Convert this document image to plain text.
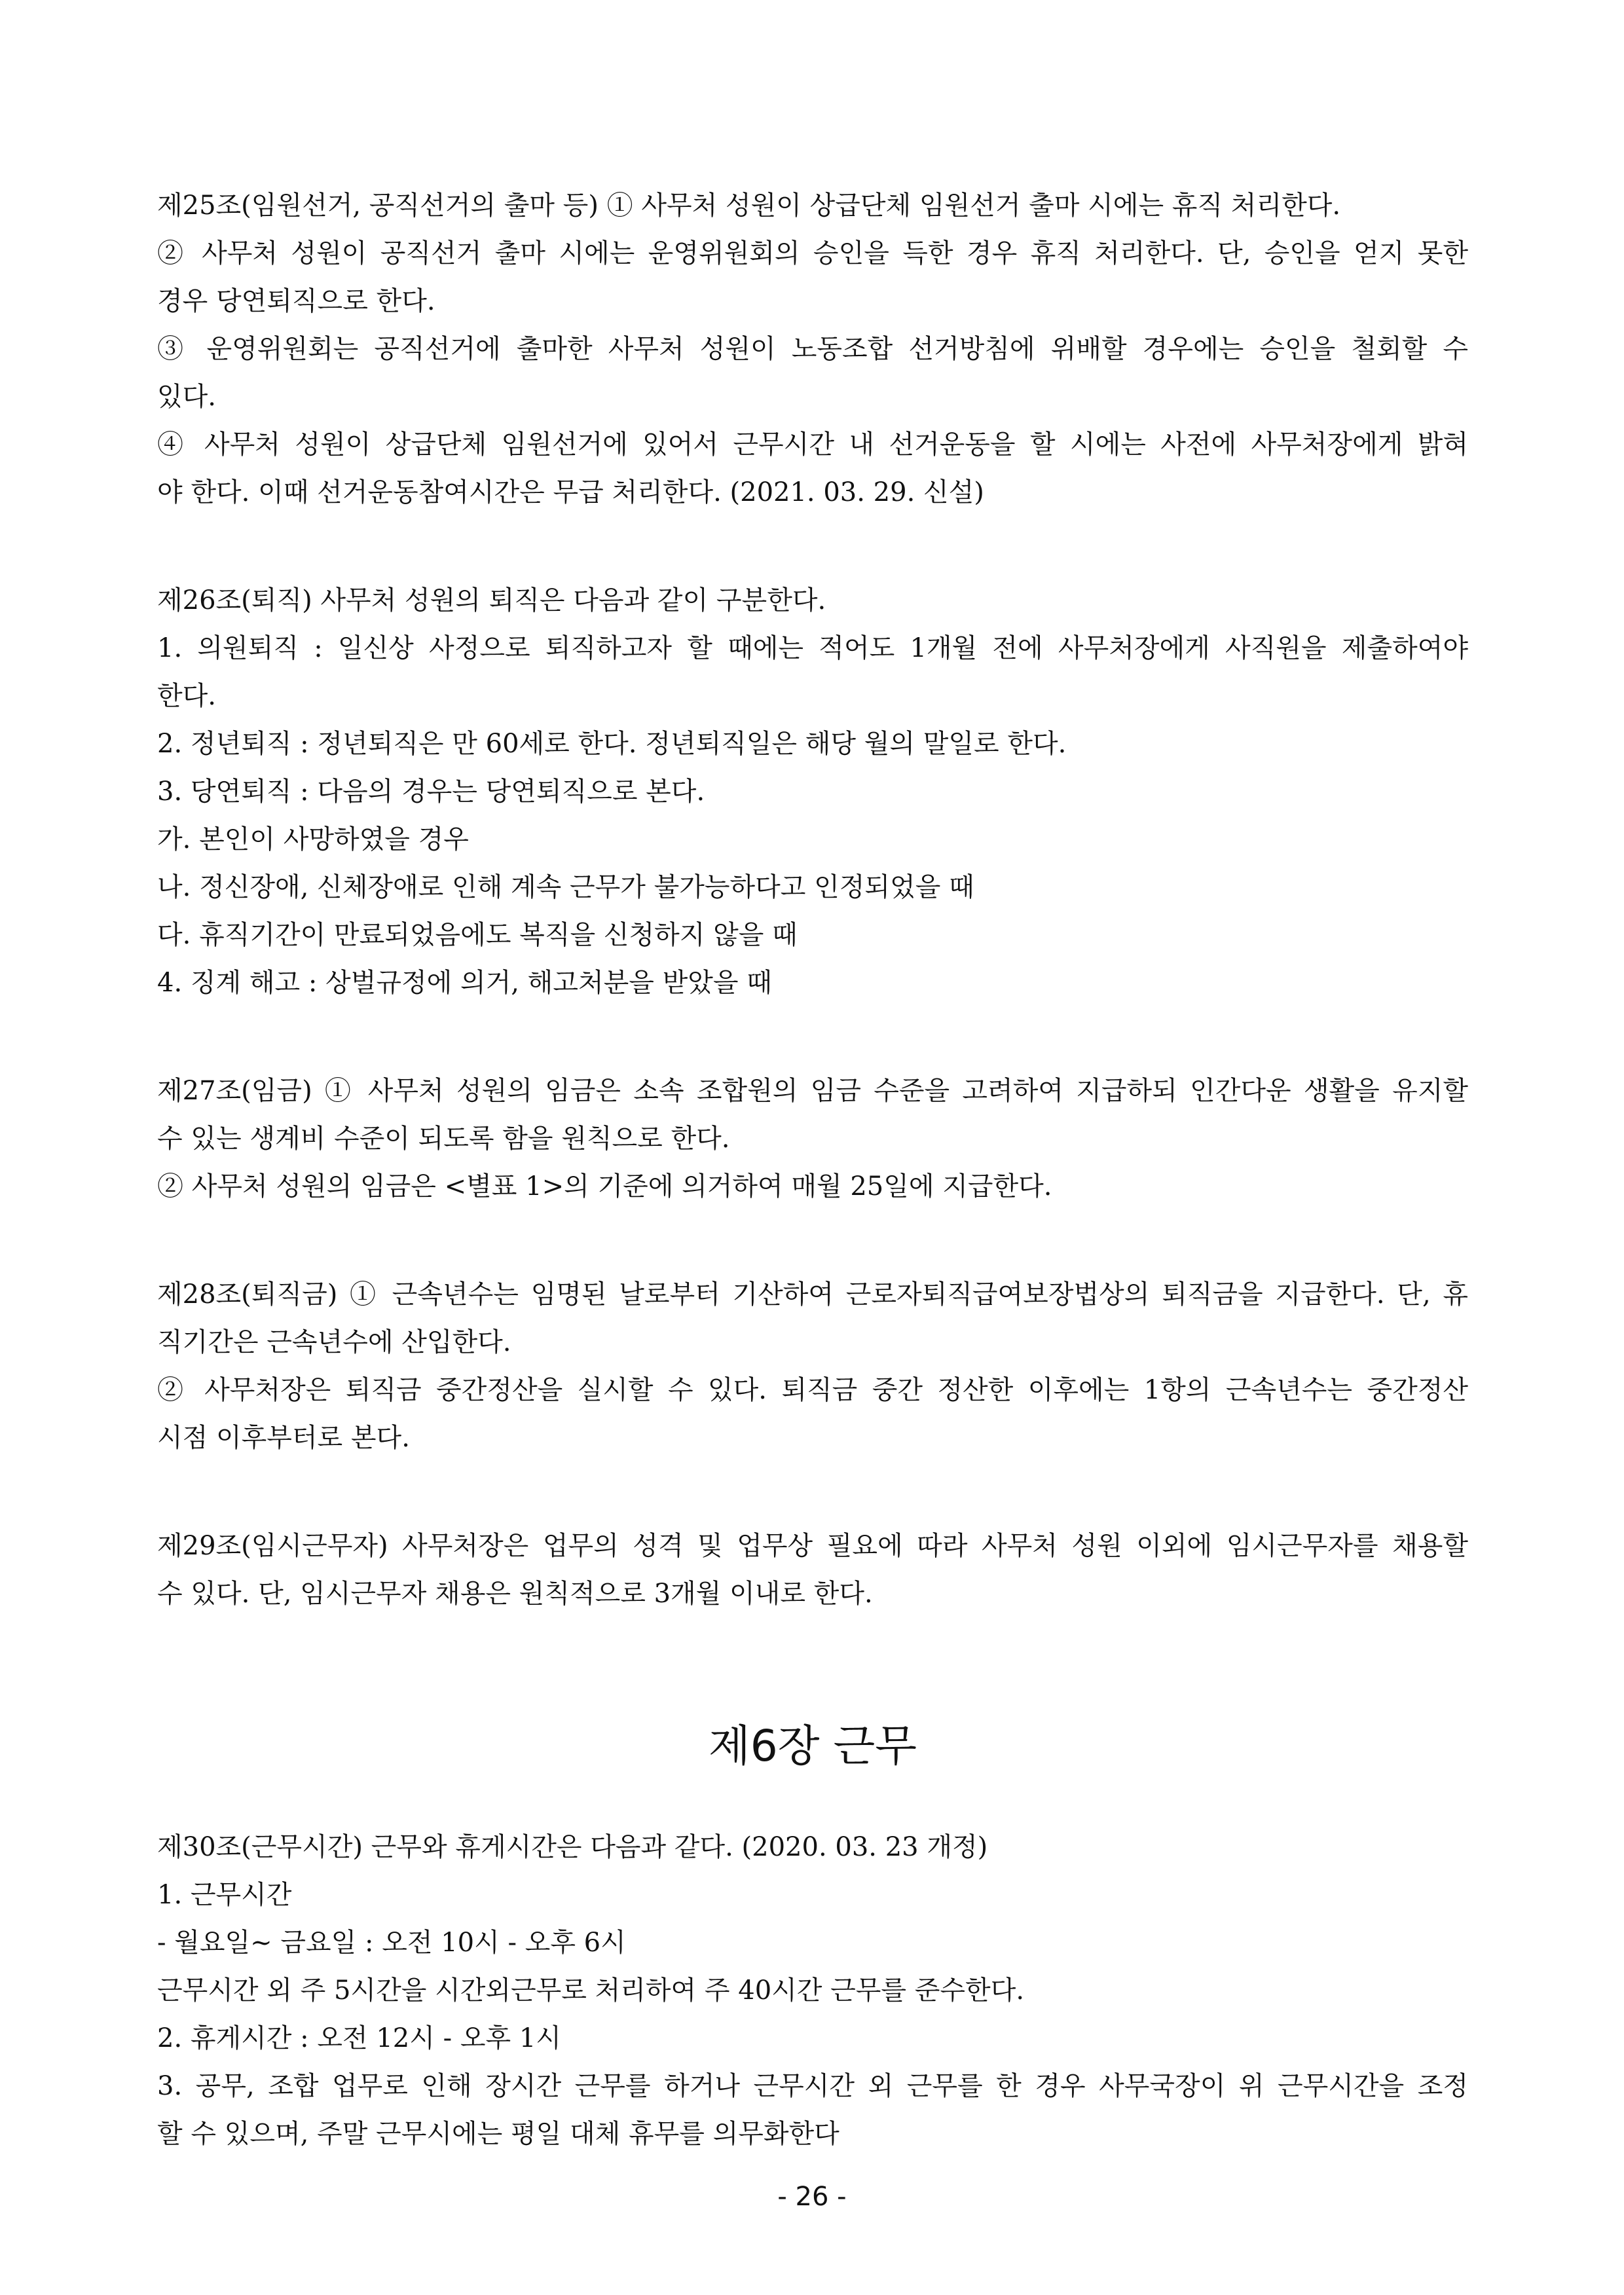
제25조(임원선거, 공직선거의 출마 등) ① 사무처 성원이 상급단체 임원선거 출마 시에는 휴직 처리한다.

② 사무처 성원이 공직선거 출마 시에는 운영위원회의 승인을 득한 경우 휴직 처리한다. 단, 승인을 얻지 못한

경우 당연퇴직으로 한다.

③ 운영위원회는 공직선거에 출마한 사무처 성원이 노동조합 선거방침에 위배할 경우에는 승인을 철회할 수

있다.

④ 사무처 성원이 상급단체 임원선거에 있어서 근무시간 내 선거운동을 할 시에는 사전에 사무처장에게 밝혀

야 한다. 이때 선거운동참여시간은 무급 처리한다. (2021. 03. 29. 신설)

제26조(퇴직) 사무처 성원의 퇴직은 다음과 같이 구분한다.

1. 의원퇴직 : 일신상 사정으로 퇴직하고자 할 때에는 적어도 1개월 전에 사무처장에게 사직원을 제출하여야

한다.

2. 정년퇴직 : 정년퇴직은 만 60세로 한다. 정년퇴직일은 해당 월의 말일로 한다.

3. 당연퇴직 : 다음의 경우는 당연퇴직으로 본다.

가. 본인이 사망하였을 경우

나. 정신장애, 신체장애로 인해 계속 근무가 불가능하다고 인정되었을 때

다. 휴직기간이 만료되었음에도 복직을 신청하지 않을 때

4. 징계 해고 : 상벌규정에 의거, 해고처분을 받았을 때

제27조(임금) ① 사무처 성원의 임금은 소속 조합원의 임금 수준을 고려하여 지급하되 인간다운 생활을 유지할

수 있는 생계비 수준이 되도록 함을 원칙으로 한다.

② 사무처 성원의 임금은 <별표 1>의 기준에 의거하여 매월 25일에 지급한다.

제28조(퇴직금) ① 근속년수는 임명된 날로부터 기산하여 근로자퇴직급여보장법상의 퇴직금을 지급한다. 단, 휴

직기간은 근속년수에 산입한다.

② 사무처장은 퇴직금 중간정산을 실시할 수 있다. 퇴직금 중간 정산한 이후에는 1항의 근속년수는 중간정산

시점 이후부터로 본다.

제29조(임시근무자) 사무처장은 업무의 성격 및 업무상 필요에 따라 사무처 성원 이외에 임시근무자를 채용할

수 있다. 단, 임시근무자 채용은 원칙적으로 3개월 이내로 한다.

제6장 근무

제30조(근무시간) 근무와 휴게시간은 다음과 같다. (2020. 03. 23 개정)

1. 근무시간

- 월요일~ 금요일 : 오전 10시 - 오후 6시

근무시간 외 주 5시간을 시간외근무로 처리하여 주 40시간 근무를 준수한다.

2. 휴게시간 : 오전 12시 - 오후 1시

3. 공무, 조합 업무로 인해 장시간 근무를 하거나 근무시간 외 근무를 한 경우 사무국장이 위 근무시간을 조정

할 수 있으며, 주말 근무시에는 평일 대체 휴무를 의무화한다

- 26 -
